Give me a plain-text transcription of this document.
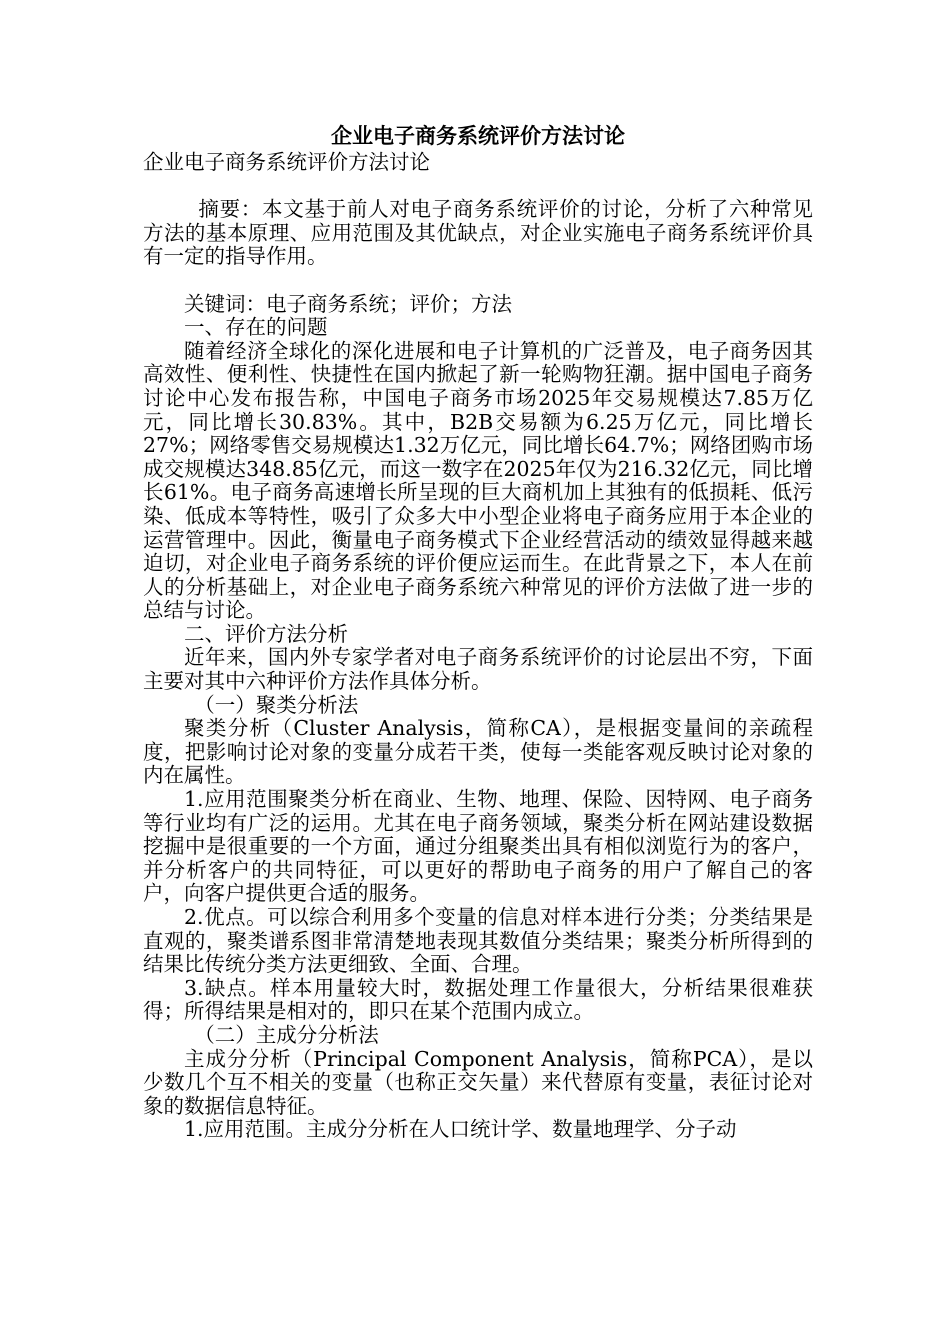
企业电子商务系统评价方法讨论

企业电子商务系统评价方法讨论

摘要：本文基于前人对电子商务系统评价的讨论，分析了六种常见方法的基本原理、应用范围及其优缺点，对企业实施电子商务系统评价具有一定的指导作用。

关键词：电子商务系统；评价；方法

一、存在的问题

随着经济全球化的深化进展和电子计算机的广泛普及，电子商务因其高效性、便利性、快捷性在国内掀起了新一轮购物狂潮。据中国电子商务讨论中心发布报告称，中国电子商务市场2025年交易规模达7.85万亿元，同比增长30.83%。其中，B2B交易额为6.25万亿元，同比增长27%；网络零售交易规模达1.32万亿元，同比增长64.7%；网络团购市场成交规模达348.85亿元，而这一数字在2025年仅为216.32亿元，同比增长61%。电子商务高速增长所呈现的巨大商机加上其独有的低损耗、低污染、低成本等特性，吸引了众多大中小型企业将电子商务应用于本企业的运营管理中。因此，衡量电子商务模式下企业经营活动的绩效显得越来越迫切，对企业电子商务系统的评价便应运而生。在此背景之下，本人在前人的分析基础上，对企业电子商务系统六种常见的评价方法做了进一步的总结与讨论。

二、评价方法分析

近年来，国内外专家学者对电子商务系统评价的讨论层出不穷，下面主要对其中六种评价方法作具体分析。

（一）聚类分析法

聚类分析（Cluster Analysis，简称CA），是根据变量间的亲疏程度，把影响讨论对象的变量分成若干类，使每一类能客观反映讨论对象的内在属性。

1.应用范围聚类分析在商业、生物、地理、保险、因特网、电子商务等行业均有广泛的运用。尤其在电子商务领域，聚类分析在网站建设数据挖掘中是很重要的一个方面，通过分组聚类出具有相似浏览行为的客户，并分析客户的共同特征，可以更好的帮助电子商务的用户了解自己的客户，向客户提供更合适的服务。

2.优点。可以综合利用多个变量的信息对样本进行分类；分类结果是直观的，聚类谱系图非常清楚地表现其数值分类结果；聚类分析所得到的结果比传统分类方法更细致、全面、合理。

3.缺点。样本用量较大时，数据处理工作量很大，分析结果很难获得；所得结果是相对的，即只在某个范围内成立。

（二）主成分分析法

主成分分析（Principal Component Analysis，简称PCA），是以少数几个互不相关的变量（也称正交矢量）来代替原有变量，表征讨论对象的数据信息特征。

1.应用范围。主成分分析在人口统计学、数量地理学、分子动
